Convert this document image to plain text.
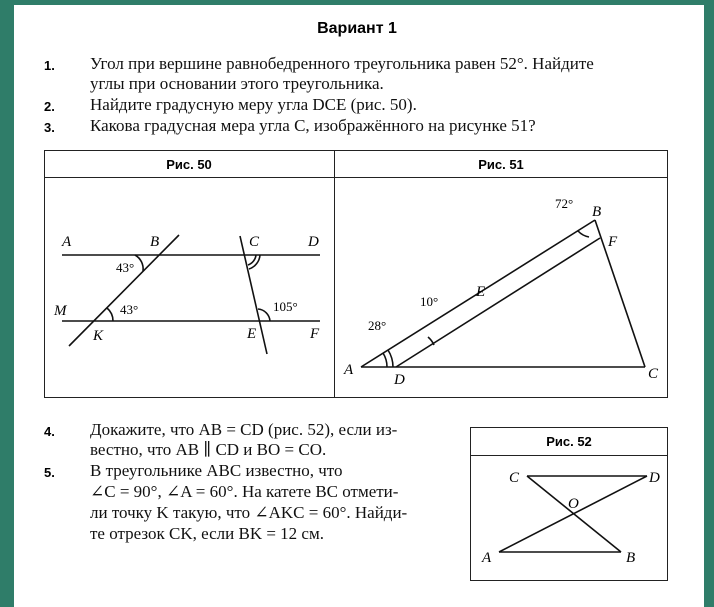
Вариант 1
1. Угол при вершине равнобедренного треугольника равен 52°. Найдите
углы при основании этого треугольника.
2. Найдите градусную меру угла DCE (рис. 50).
3. Какова градусная мера угла C, изображённого на рисунке 51?
Рис. 50	Рис. 51
A	B	C	D
M
K	E	F
43°
43°	105°
A
B
C
D
E
F
72°
28°
10°
4. Докажите, что AB = CD (рис. 52), если из-
вестно, что AB ∥ CD и BO = CO.
5. В треугольнике ABC известно, что
∠C = 90°, ∠A = 60°. На катете BC отмети-
ли точку K такую, что ∠AKC = 60°. Найди-
те отрезок CK, если BK = 12 см.
Рис. 52
C	D
O
A	B
